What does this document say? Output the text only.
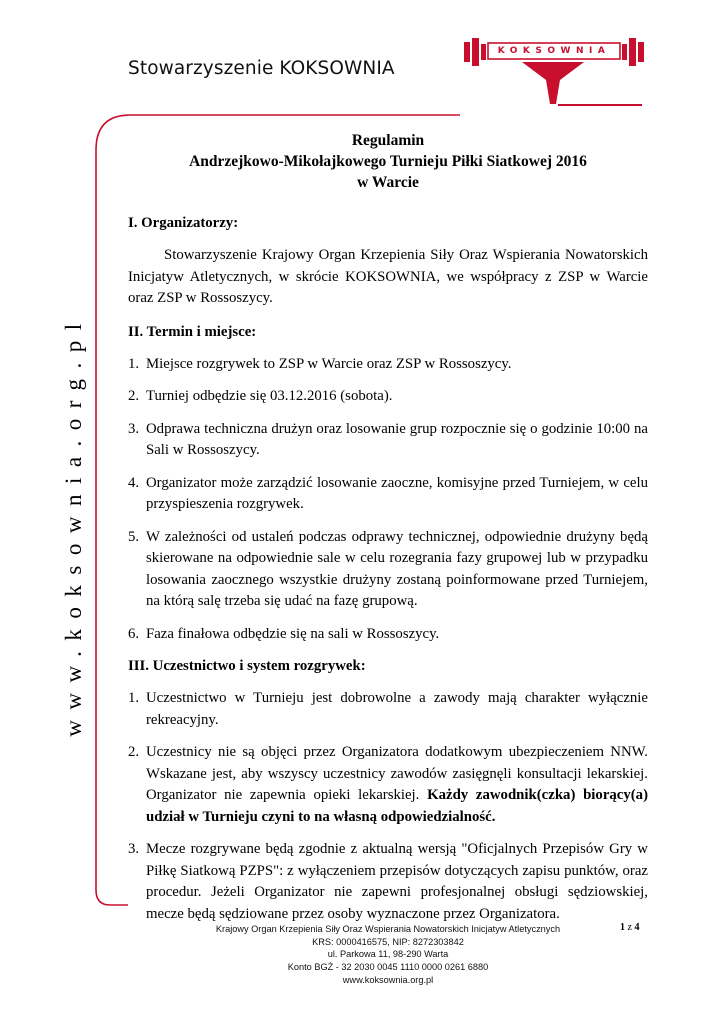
Stowarzyszenie KOKSOWNIA
KOKSOWNIA
www.koksownia.org.pl
Regulamin
Andrzejkowo-Mikołajkowego Turnieju Piłki Siatkowej 2016
w Warcie
I. Organizatorzy:

Stowarzyszenie Krajowy Organ Krzepienia Siły Oraz Wspierania Nowatorskich Inicjatyw Atletycznych, w skrócie KOKSOWNIA, we współpracy z ZSP w Warcie oraz ZSP w Rossoszycy.

II. Termin i miejsce:
1. Miejsce rozgrywek to ZSP w Warcie oraz ZSP w Rossoszycy.
2. Turniej odbędzie się 03.12.2016 (sobota).
3. Odprawa techniczna drużyn oraz losowanie grup rozpocznie się o godzinie 10:00 na Sali w Rossoszycy.
4. Organizator może zarządzić losowanie zaoczne, komisyjne przed Turniejem, w celu przyspieszenia rozgrywek.
5. W zależności od ustaleń podczas odprawy technicznej, odpowiednie drużyny będą skierowane na odpowiednie sale w celu rozegrania fazy grupowej lub w przypadku losowania zaocznego wszystkie drużyny zostaną poinformowane przed Turniejem, na którą salę trzeba się udać na fazę grupową.
6. Faza finałowa odbędzie się na sali w Rossoszycy.
III. Uczestnictwo i system rozgrywek:
1. Uczestnictwo w Turnieju jest dobrowolne a zawody mają charakter wyłącznie rekreacyjny.
2. Uczestnicy nie są objęci przez Organizatora dodatkowym ubezpieczeniem NNW. Wskazane jest, aby wszyscy uczestnicy zawodów zasięgnęli konsultacji lekarskiej. Organizator nie zapewnia opieki lekarskiej. Każdy zawodnik(czka) biorący(a) udział w Turnieju czyni to na własną odpowiedzialność.
3. Mecze rozgrywane będą zgodnie z aktualną wersją "Oficjalnych Przepisów Gry w Piłkę Siatkową PZPS": z wyłączeniem przepisów dotyczących zapisu punktów, oraz procedur. Jeżeli Organizator nie zapewni profesjonalnej obsługi sędziowskiej, mecze będą sędziowane przez osoby wyznaczone przez Organizatora.
Krajowy Organ Krzepienia Siły Oraz Wspierania Nowatorskich Inicjatyw Atletycznych
KRS: 0000416575, NIP: 8272303842
ul. Parkowa 11, 98-290 Warta
Konto BGŻ - 32 2030 0045 1110 0000 0261 6880
www.koksownia.org.pl
1 z 4
